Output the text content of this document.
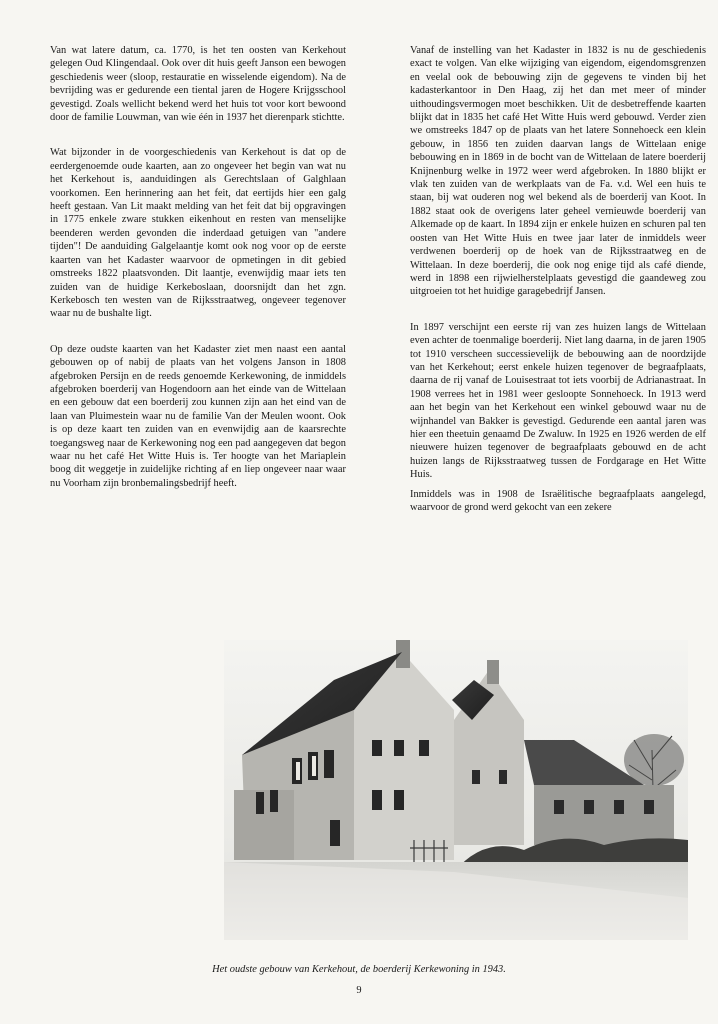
Van wat latere datum, ca. 1770, is het ten oosten van Kerkehout gelegen Oud Klingendaal. Ook over dit huis geeft Janson een bewogen geschiedenis weer (sloop, restauratie en wisselende eigendom). Na de bevrijding was er gedurende een tiental jaren de Hogere Krijgsschool gevestigd. Zoals wellicht bekend werd het huis tot voor kort bewoond door de familie Louwman, van wie één in 1937 het dierenpark stichtte.

Wat bijzonder in de voorgeschiedenis van Kerkehout is dat op de eerdergenoemde oude kaarten, aan zo ongeveer het begin van wat nu het Kerkehout is, aanduidingen als Gerechtslaan of Galghlaan voorkomen. Een herinnering aan het feit, dat eertijds hier een galg heeft gestaan. Van Lit maakt melding van het feit dat bij opgravingen in 1775 enkele zware stukken eikenhout en resten van menselijke beenderen werden gevonden die inderdaad getuigen van "andere tijden"! De aanduiding Galgelaantje komt ook nog voor op de eerste kaarten van het Kadaster waarvoor de opmetingen in dit gebied omstreeks 1822 plaatsvonden. Dit laantje, evenwijdig maar iets ten zuiden van de huidige Kerkeboslaan, doorsnijdt dan het zgn. Kerkebosch ten westen van de Rijksstraatweg, ongeveer tegenover waar nu de bushalte ligt.

Op deze oudste kaarten van het Kadaster ziet men naast een aantal gebouwen op of nabij de plaats van het volgens Janson in 1808 afgebroken Persijn en de reeds genoemde Kerkewoning, de inmiddels afgebroken boerderij van Hogendoorn aan het einde van de Wittelaan en een gebouw dat een boerderij zou kunnen zijn aan het eind van de laan van Pluimestein waar nu de familie Van der Meulen woont. Ook is op deze kaart ten zuiden van en evenwijdig aan de kaarsrechte toegangsweg naar de Kerkewoning nog een pad aangegeven dat begon waar nu het café Het Witte Huis is. Ter hoogte van het Mariaplein boog dit weggetje in zuidelijke richting af en liep ongeveer naar waar nu Voorham zijn bronbemalingsbedrijf heeft.

Vanaf de instelling van het Kadaster in 1832 is nu de geschiedenis exact te volgen. Van elke wijziging van eigendom, eigendomsgrenzen en veelal ook de bebouwing zijn de gegevens te vinden bij het kadasterkantoor in Den Haag, zij het dan met meer of minder uithoudingsvermogen moet beschikken. Uit de desbetreffende kaarten blijkt dat in 1835 het café Het Witte Huis werd gebouwd. Verder zien we omstreeks 1847 op de plaats van het latere Sonnehoeck een klein gebouw, in 1856 ten zuiden daarvan langs de Wittelaan enige bebouwing en in 1869 in de bocht van de Wittelaan de latere boerderij Knijnenburg welke in 1972 weer werd afgebroken. In 1880 blijkt er vlak ten zuiden van de werkplaats van de Fa. v.d. Wel een huis te staan, bij wat ouderen nog wel bekend als de boerderij van Koot. In 1882 staat ook de overigens later geheel vernieuwde boerderij van Alkemade op de kaart. In 1894 zijn er enkele huizen en schuren pal ten oosten van Het Witte Huis en twee jaar later de inmiddels weer verdwenen boerderij op de hoek van de Rijksstraatweg en de Wittelaan. In deze boerderij, die ook nog enige tijd als café diende, werd in 1898 een rijwielherstelplaats gevestigd die gaandeweg zou uitgroeien tot het huidige garagebedrijf Jansen.

In 1897 verschijnt een eerste rij van zes huizen langs de Wittelaan even achter de toenmalige boerderij. Niet lang daarna, in de jaren 1905 tot 1910 verscheen successievelijk de bebouwing aan de noordzijde van het Kerkehout; eerst enkele huizen tegenover de begraafplaats, daarna de rij vanaf de Louisestraat tot iets voorbij de Adrianastraat. In 1908 verrees het in 1981 weer gesloopte Sonnehoeck. In 1913 werd aan het begin van het Kerkehout een winkel gebouwd waar nu de wijnhandel van Bakker is gevestigd. Gedurende een aantal jaren was hier een theetuin genaamd De Zwaluw. In 1925 en 1926 werden de elf nieuwere huizen tegenover de begraafplaats gebouwd en de acht huizen langs de Rijksstraatweg tussen de Fordgarage en Het Witte Huis.

Inmiddels was in 1908 de Israëlitische begraafplaats aangelegd, waarvoor de grond werd gekocht van een zekere

Het oudste gebouw van Kerkehout, de boerderij Kerkewoning in 1943.
9
